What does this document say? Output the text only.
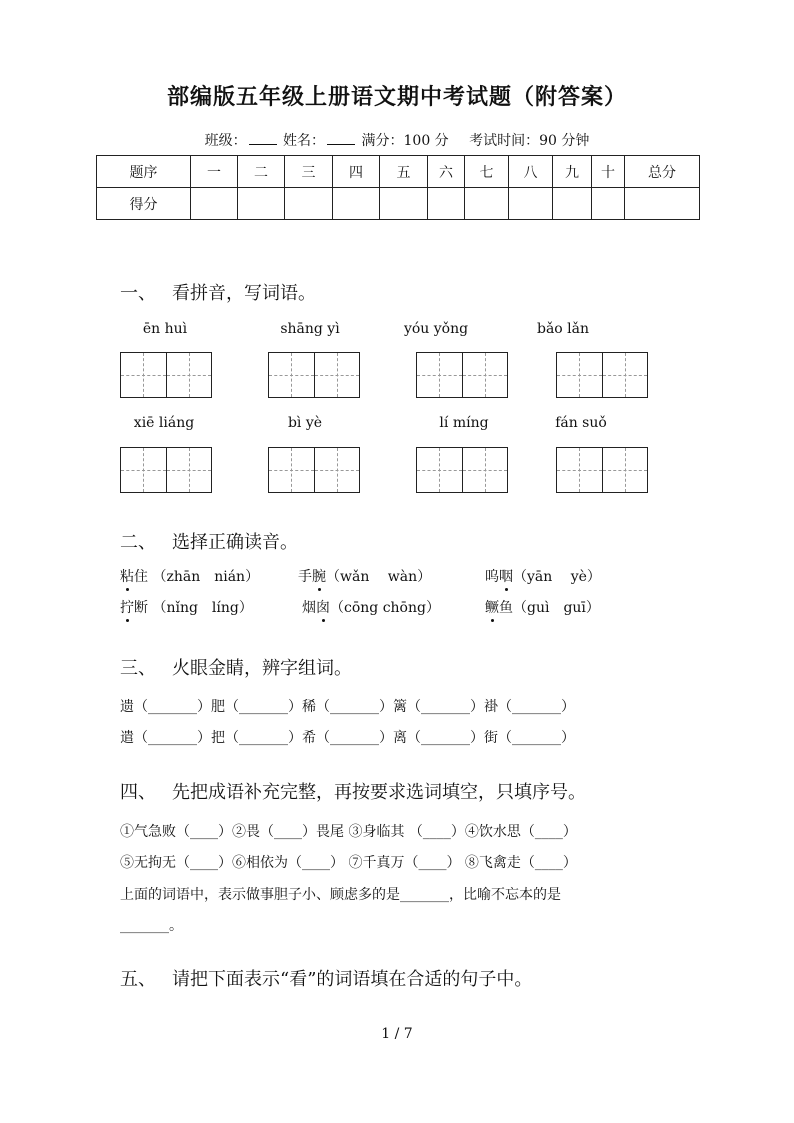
部编版五年级上册语文期中考试题（附答案）
班级：	姓名：	满分：100 分 考试时间：90 分钟
题序	一	二	三	四	五	六	七	八	九	十	总分
得分											
一、 看拼音，写词语。
ēn huì	shāng yì	yóu yǒng	bǎo lǎn
xiē liáng	bì yè	lí míng	fán suǒ
二、 选择正确读音。
粘住 （zhān　nián）	手腕（wǎn　 wàn）	呜咽（yān　 yè）
拧断 （nǐng　líng）	烟囱（cōng chōng）	鳜鱼（guì　guī）
三、 火眼金睛，辨字组词。
遗（_______）肥（_______）稀（_______）篱（_______）褂（_______）
遣（_______）把（_______）希（_______）离（_______）街（_______）
四、 先把成语补充完整，再按要求选词填空，只填序号。
①气急败（____）②畏（____）畏尾 ③身临其 （____）④饮水思（____）
⑤无拘无（____）⑥相依为（____） ⑦千真万（____） ⑧飞禽走（____）
上面的词语中，表示做事胆子小、顾虑多的是_______，比喻不忘本的是
_______。
五、 请把下面表示“看”的词语填在合适的句子中。
1 / 7
